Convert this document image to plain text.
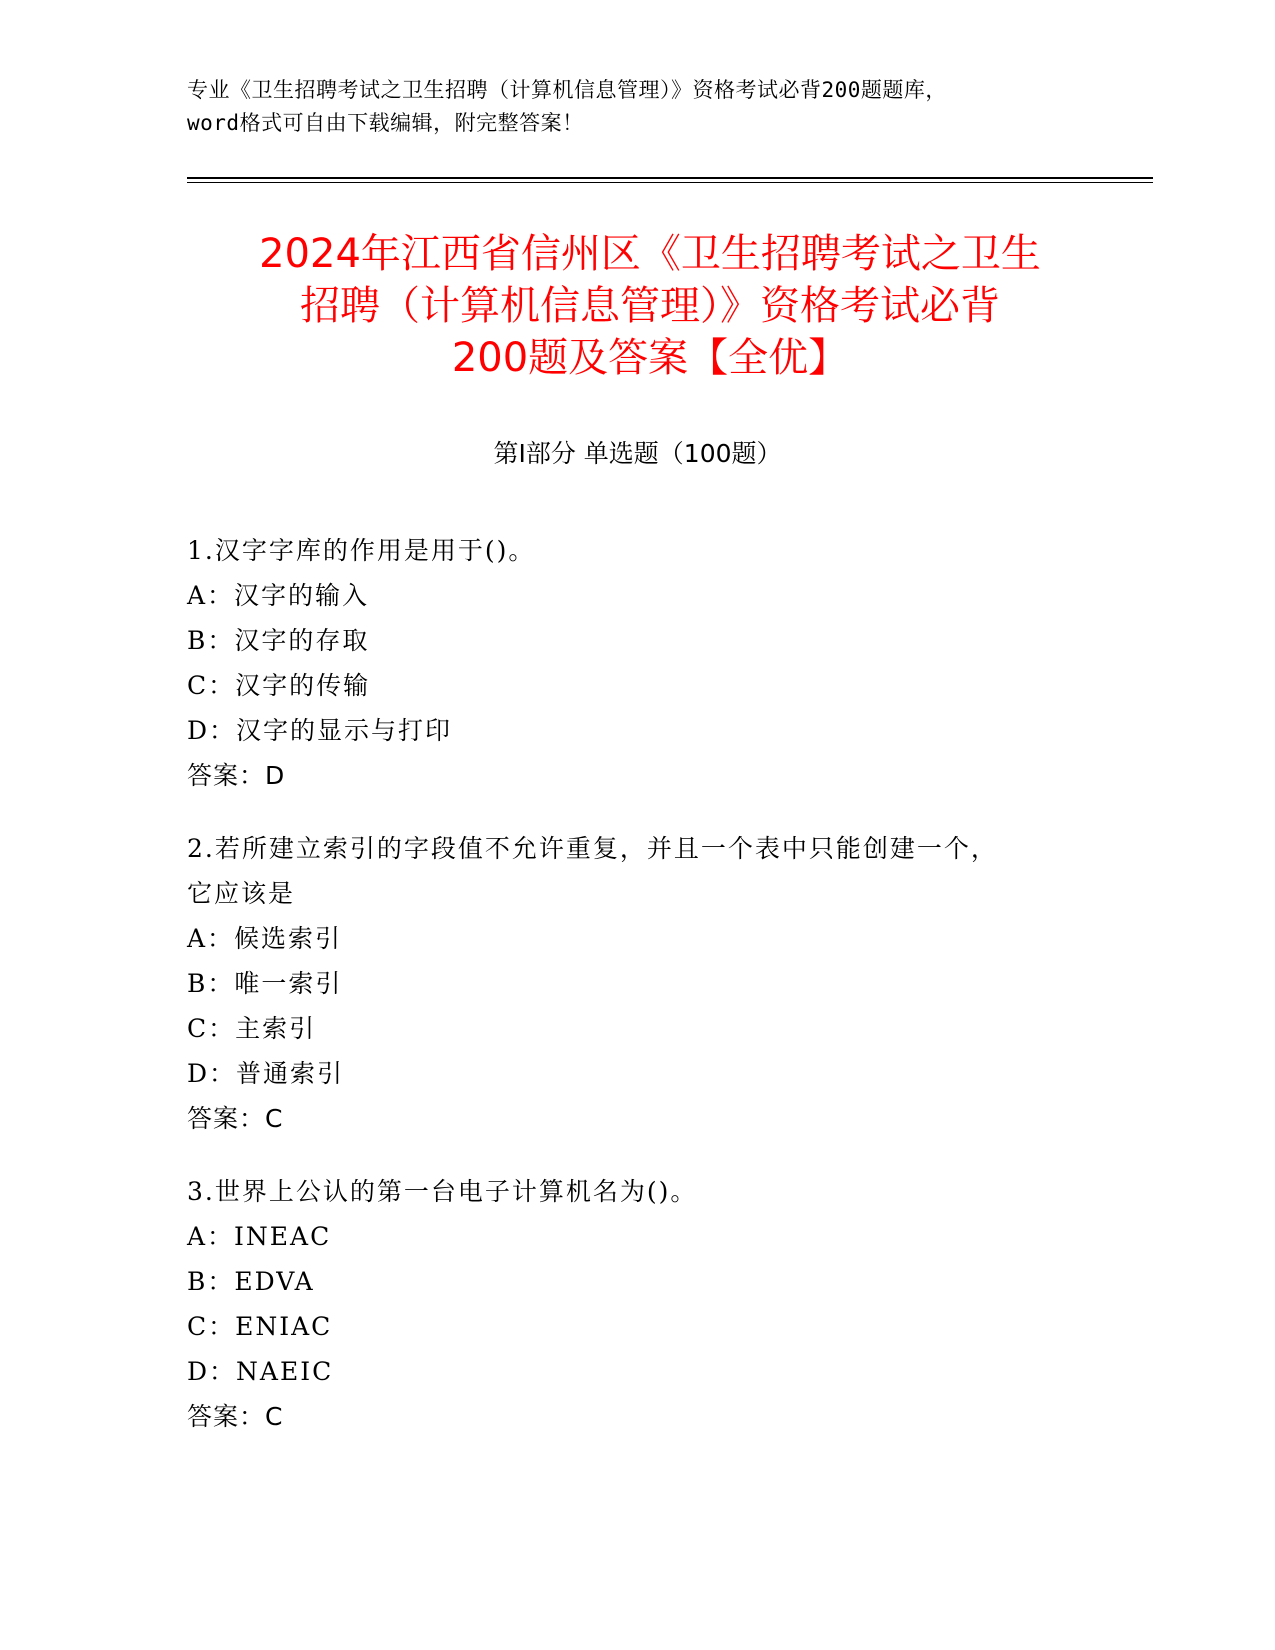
专业《卫生招聘考试之卫生招聘（计算机信息管理）》资格考试必背200题题库，
word格式可自由下载编辑，附完整答案！
2024年江西省信州区《卫生招聘考试之卫生
招聘（计算机信息管理）》资格考试必背
200题及答案【全优】
第Ⅰ部分 单选题（100题）
1.汉字字库的作用是用于()。
A：汉字的输入
B：汉字的存取
C：汉字的传输
D：汉字的显示与打印
答案：D
2.若所建立索引的字段值不允许重复，并且一个表中只能创建一个，
它应该是
A：候选索引
B：唯一索引
C：主索引
D：普通索引
答案：C
3.世界上公认的第一台电子计算机名为()。
A：INEAC
B：EDVA
C：ENIAC
D：NAEIC
答案：C
